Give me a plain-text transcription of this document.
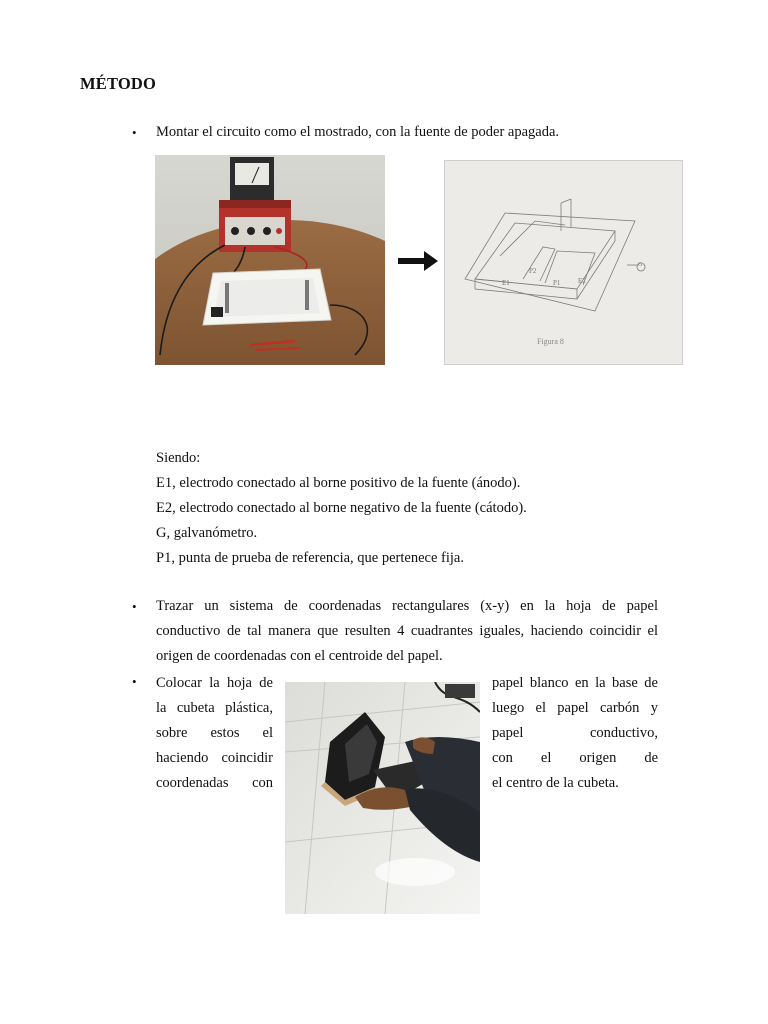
MÉTODO
• Montar el circuito como el mostrado, con la fuente de poder apagada.
E1
P2
P1	E2
G
Figura 8
Siendo:
E1, electrodo conectado al borne positivo de la fuente (ánodo).
E2, electrodo conectado al borne negativo de la fuente (cátodo).
G, galvanómetro.
P1, punta de prueba de referencia, que pertenece fija.
• Trazar un sistema de coordenadas rectangulares (x-y) en la hoja de papel
conductivo de tal manera que resulten 4 cuadrantes iguales, haciendo coincidir el
origen de coordenadas con el centroide del papel.
• Colocar la hoja de
la cubeta plástica,
sobre estos el
haciendo coincidir
coordenadas con
papel blanco en la base de
luego el papel carbón y
papel	conductivo,
con el origen de
el centro de la cubeta.
